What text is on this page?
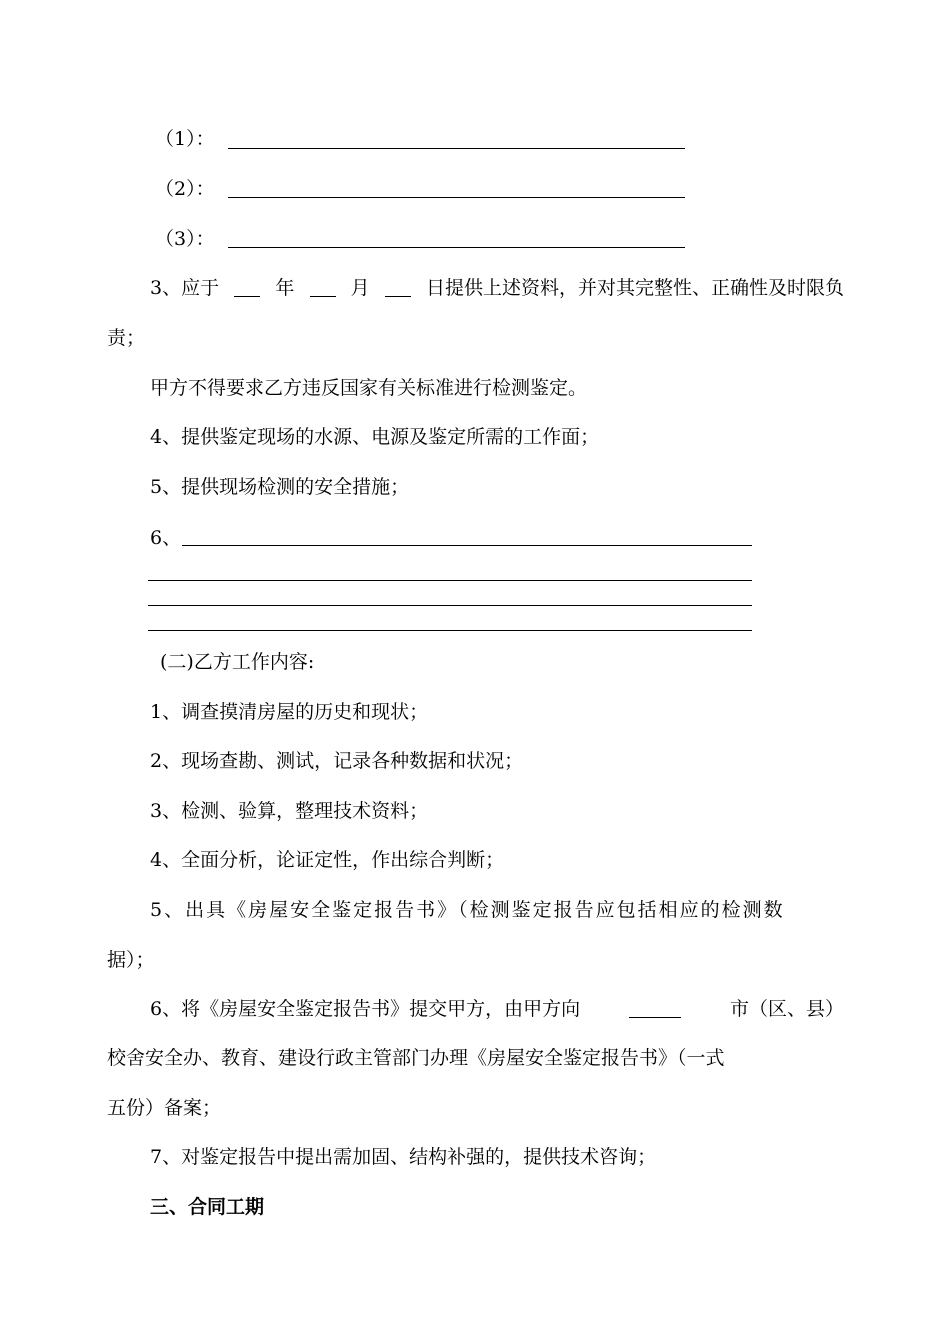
（1）：
（2）：
（3）：
3、应于	年	月	日提供上述资料，并对其完整性、正确性及时限负
责；
甲方不得要求乙方违反国家有关标准进行检测鉴定。
4、提供鉴定现场的水源、电源及鉴定所需的工作面；
5、提供现场检测的安全措施；
6、
(二)乙方工作内容:
1、调查摸清房屋的历史和现状；
2、现场查勘、测试，记录各种数据和状况；
3、检测、验算，整理技术资料；
4、全面分析，论证定性，作出综合判断；
5、出具《房屋安全鉴定报告书》（检测鉴定报告应包括相应的检测数
据）；
6、将《房屋安全鉴定报告书》提交甲方，由甲方向	市（区、县）
校舍安全办、教育、建设行政主管部门办理《房屋安全鉴定报告书》（一式
五份）备案；
7、对鉴定报告中提出需加固、结构补强的，提供技术咨询；
三、合同工期
